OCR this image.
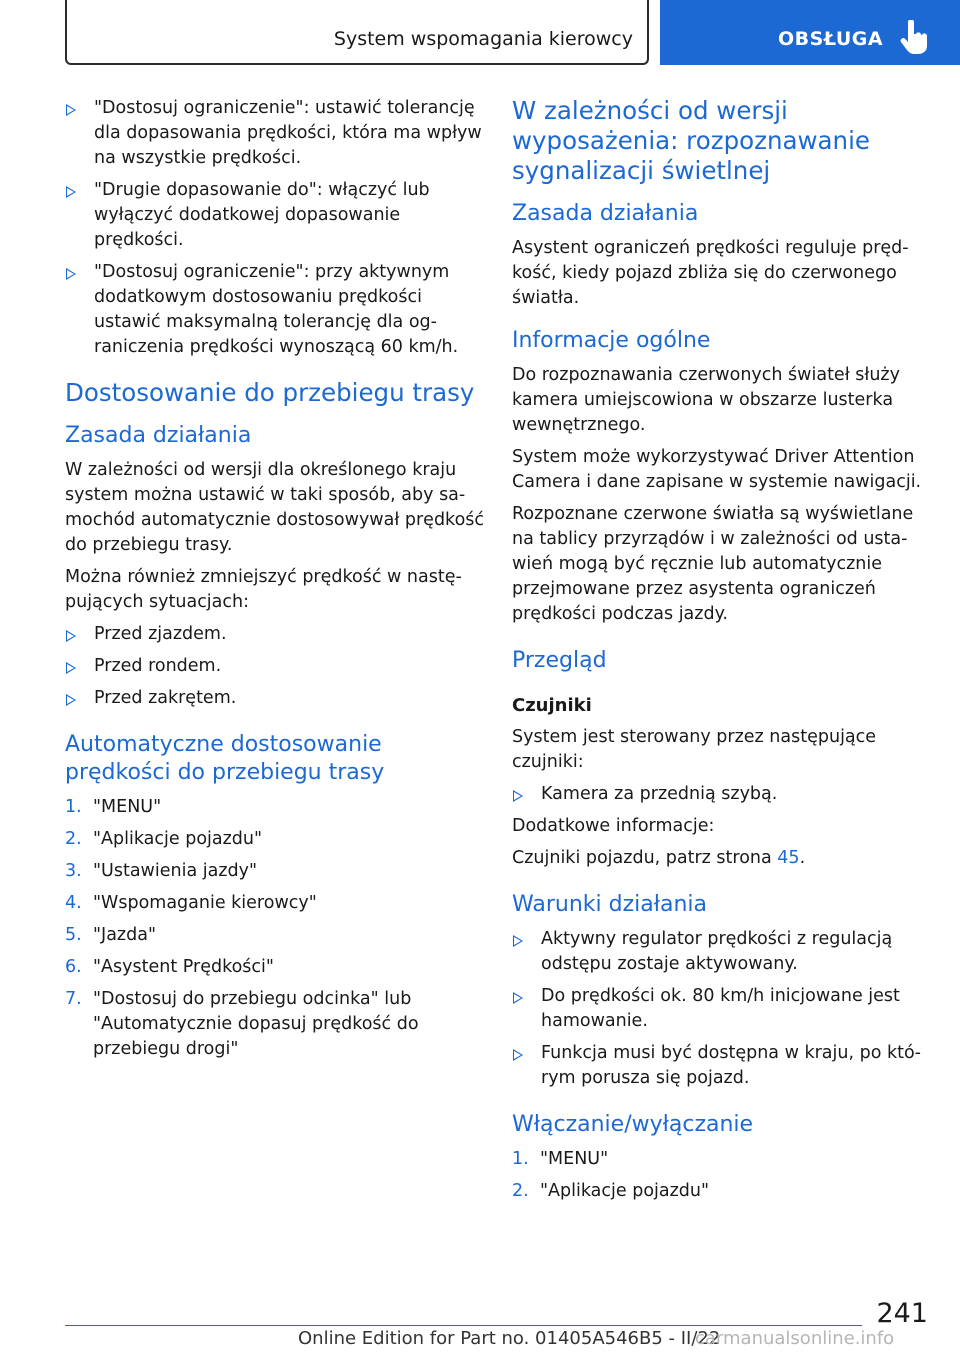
System wspomagania kierowcy	OBSŁUGA
"Dostosuj ograniczenie": ustawić tolerancję dla dopasowania prędkości, która ma wpływ na wszystkie prędkości.
"Drugie dopasowanie do": włączyć lub wyłączyć dodatkowej dopasowanie prędkości.
"Dostosuj ograniczenie": przy aktywnym dodatkowym dostosowaniu prędkości ustawić maksymalną tolerancję dla ograniczenia prędkości wynoszącą 60 km/h.
Dostosowanie do przebiegu trasy
Zasada działania

W zależności od wersji dla określonego kraju system można ustawić w taki sposób, aby samochód automatycznie dostosowywał prędkość do przebiegu trasy.

Można również zmniejszyć prędkość w następujących sytuacjach:

Przed zjazdem.
Przed rondem.
Przed zakrętem.
Automatyczne dostosowanie prędkości do przebiegu trasy
1. "MENU"
2. "Aplikacje pojazdu"
3. "Ustawienia jazdy"
4. "Wspomaganie kierowcy"
5. "Jazda"
6. "Asystent Prędkości"
7. "Dostosuj do przebiegu odcinka" lub "Automatycznie dopasuj prędkość do przebiegu drogi"
W zależności od wersji wyposażenia: rozpoznawanie sygnalizacji świetlnej
Zasada działania

Asystent ograniczeń prędkości reguluje prędkość, kiedy pojazd zbliża się do czerwonego światła.

Informacje ogólne

Do rozpoznawania czerwonych świateł służy kamera umiejscowiona w obszarze lusterka wewnętrznego.

System może wykorzystywać Driver Attention Camera i dane zapisane w systemie nawigacji.

Rozpoznane czerwone światła są wyświetlane na tablicy przyrządów i w zależności od ustawień mogą być ręcznie lub automatycznie przejmowane przez asystenta ograniczeń prędkości podczas jazdy.

Przegląd
Czujniki

System jest sterowany przez następujące czujniki:

Kamera za przednią szybą.

Dodatkowe informacje:

Czujniki pojazdu, patrz strona 45.

Warunki działania
Aktywny regulator prędkości z regulacją odstępu zostaje aktywowany.
Do prędkości ok. 80 km/h inicjowane jest hamowanie.
Funkcja musi być dostępna w kraju, po którym porusza się pojazd.
Włączanie/wyłączanie
1. "MENU"
2. "Aplikacje pojazdu"
241
Online Edition for Part no. 01405A546B5 - II/22
carmanualsonline.info
